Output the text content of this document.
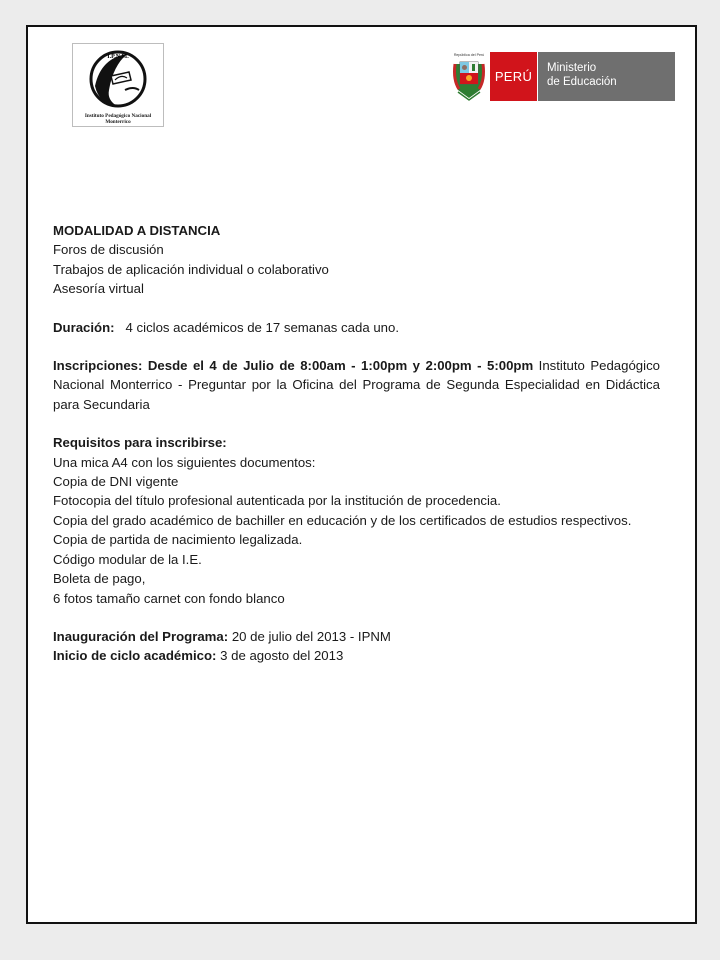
I.P.N.M.
Instituto Pedagógico Nacional
Monterrico
República del Perú
PERÚ
Ministerio
de Educación

MODALIDAD A DISTANCIA

Foros de discusión

Trabajos de aplicación individual o colaborativo

Asesoría virtual

Duración: 4 ciclos académicos de 17 semanas cada uno.

Inscripciones: Desde el 4 de Julio de 8:00am - 1:00pm y 2:00pm - 5:00pm Instituto Pedagógico Nacional Monterrico - Preguntar por la Oficina del Programa de Segunda Especialidad en Didáctica para Secundaria

Requisitos para inscribirse:

Una mica A4 con los siguientes documentos:

Copia de DNI vigente

Fotocopia del título profesional autenticada por la institución de procedencia.

Copia del grado académico de bachiller en educación y de los certificados de estudios respectivos.

Copia de partida de nacimiento legalizada.

Código modular de la I.E.

Boleta de pago,

6 fotos tamaño carnet con fondo blanco

Inauguración del Programa: 20 de julio del 2013 - IPNM

Inicio de ciclo académico: 3 de agosto del 2013
